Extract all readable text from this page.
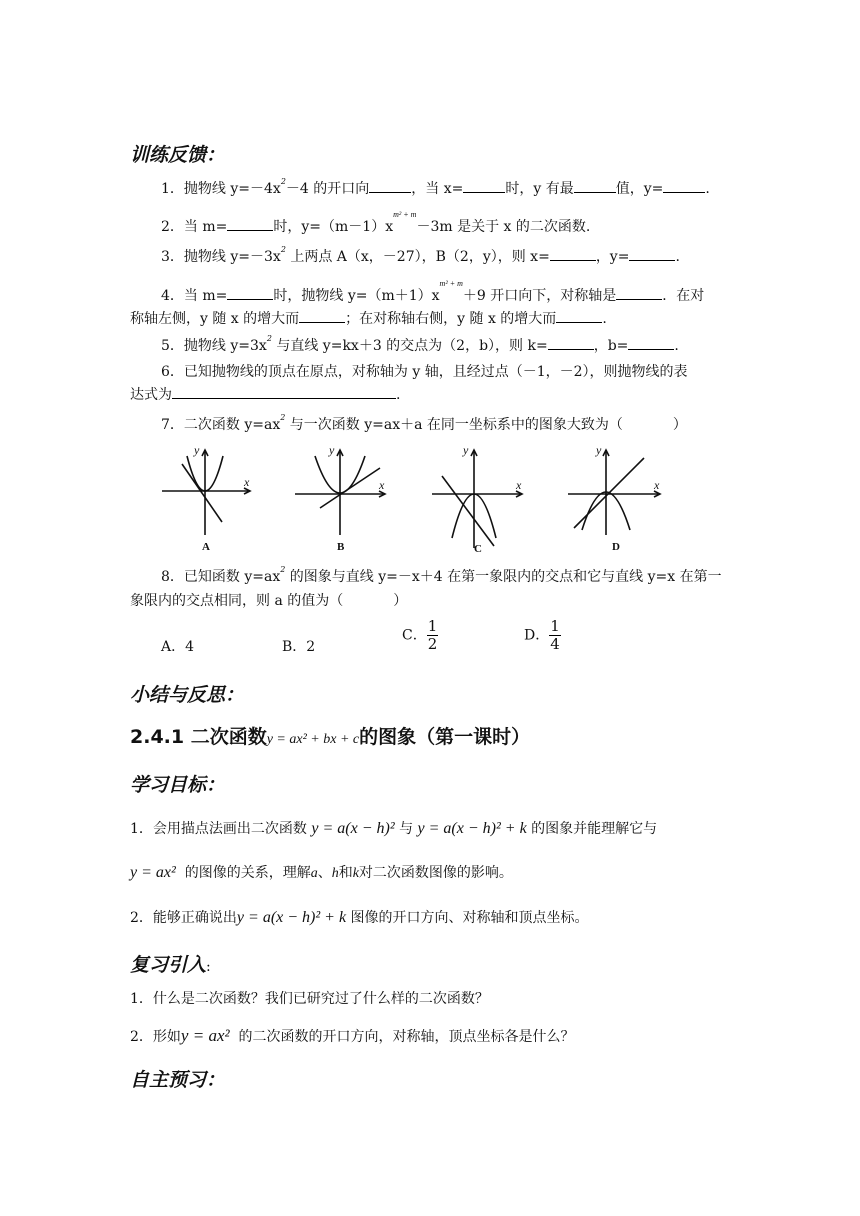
训练反馈：
1．抛物线 $y=-4x^2-4$ 的开口向	，当 x=	时，y 有最	值，y=	.
2．当 m=	时，$y=(m-1)x^{m^2 + m}-3m$ 是关于 x 的二次函数.
3．抛物线 $y=-3x^2$ 上两点 A（x，－27），B（2，y），则 x=	，y=	.
4．当 m=	时，抛物线 $y=(m+1)x^{m^2 + m}+9$ 开口向下，对称轴是	．在对
称轴左侧，y 随 x 的增大而	；在对称轴右侧，y 随 x 的增大而	.
5．抛物线 $y=3x^2$ 与直线 y=kx＋3 的交点为（2，b），则 k=	，b=	.
6．已知抛物线的顶点在原点，对称轴为 y 轴，且经过点（－1，－2），则抛物线的表
达式为	.
7．二次函数 $y=ax^2$ 与一次函数 y=ax＋a 在同一坐标系中的图象大致为（	）
y
x
y
x
y
x
y
x
A	B	C	D
8．已知函数 $y=ax^2$ 的图象与直线 y=－x＋4 在第一象限内的交点和它与直线 y=x 在第一
象限内的交点相同，则 a 的值为（	）
A．4	B．2
C． $\frac{1}{2}$	D． $\frac{1}{4}$
小结与反思：
2.4.1 二次函数y = ax² + bx + c的图象（第一课时）
学习目标：
1．会用描点法画出二次函数 y = a(x − h)² 与 y = a(x − h)² + k 的图象并能理解它与
y = ax² 的图像的关系，理解a、h和k对二次函数图像的影响。
2．能够正确说出y = a(x − h)² + k 图像的开口方向、对称轴和顶点坐标。
复习引入:
1．什么是二次函数？我们已研究过了什么样的二次函数？
2．形如y = ax² 的二次函数的开口方向，对称轴，顶点坐标各是什么？
自主预习：
